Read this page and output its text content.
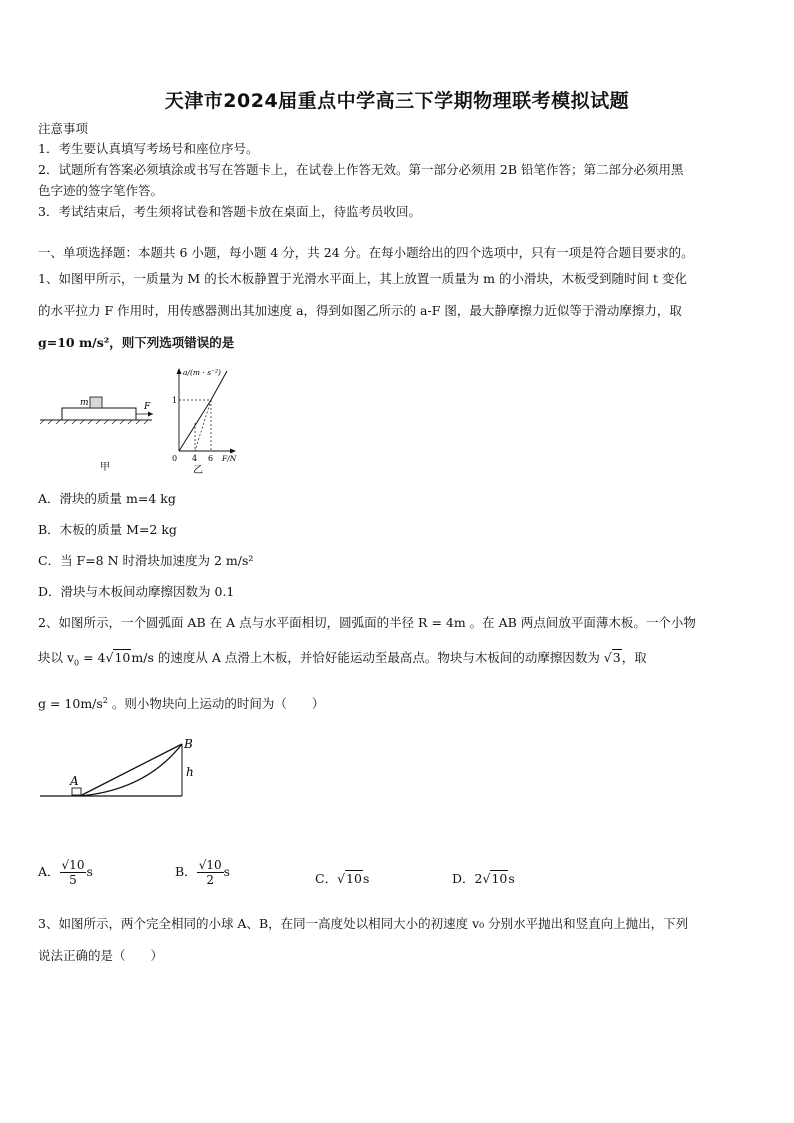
天津市2024届重点中学高三下学期物理联考模拟试题
注意事项
1．考生要认真填写考场号和座位序号。
2．试题所有答案必须填涂或书写在答题卡上，在试卷上作答无效。第一部分必须用 2B 铅笔作答；第二部分必须用黑
色字迹的签字笔作答。
3．考试结束后，考生须将试卷和答题卡放在桌面上，待监考员收回。
一、单项选择题：本题共 6 小题，每小题 4 分，共 24 分。在每小题给出的四个选项中，只有一项是符合题目要求的。
1、如图甲所示，一质量为 M 的长木板静置于光滑水平面上，其上放置一质量为 m 的小滑块，木板受到随时间 t 变化
的水平拉力 F 作用时，用传感器测出其加速度 a，得到如图乙所示的 a-F 图，最大静摩擦力近似等于滑动摩擦力，取
g=10 m/s²，则下列选项错误的是
m	F
甲
a/(m · s⁻²)
F/N
1
0 4 6
乙
A．滑块的质量 m=4 kg
B．木板的质量 M=2 kg
C．当 F=8 N 时滑块加速度为 2 m/s²
D．滑块与木板间动摩擦因数为 0.1
2、如图所示，一个圆弧面 AB 在 A 点与水平面相切，圆弧面的半径 R = 4m 。在 AB 两点间放平面薄木板。一个小物
块以 $v_0 = 4√10m/s$ 的速度从 A 点滑上木板，并恰好能运动至最高点。物块与木板间的动摩擦因数为 √3，取
$g = 10m/s^2$ 。则小物块向上运动的时间为（　　）
A
B
h
A． $\frac{√10}{5}$ s	B． $\frac{√10}{2}$ s	C．√10s	D．2√10s
3、如图所示，两个完全相同的小球 A、B，在同一高度处以相同大小的初速度 v₀ 分别水平抛出和竖直向上抛出，下列
说法正确的是（　　）
